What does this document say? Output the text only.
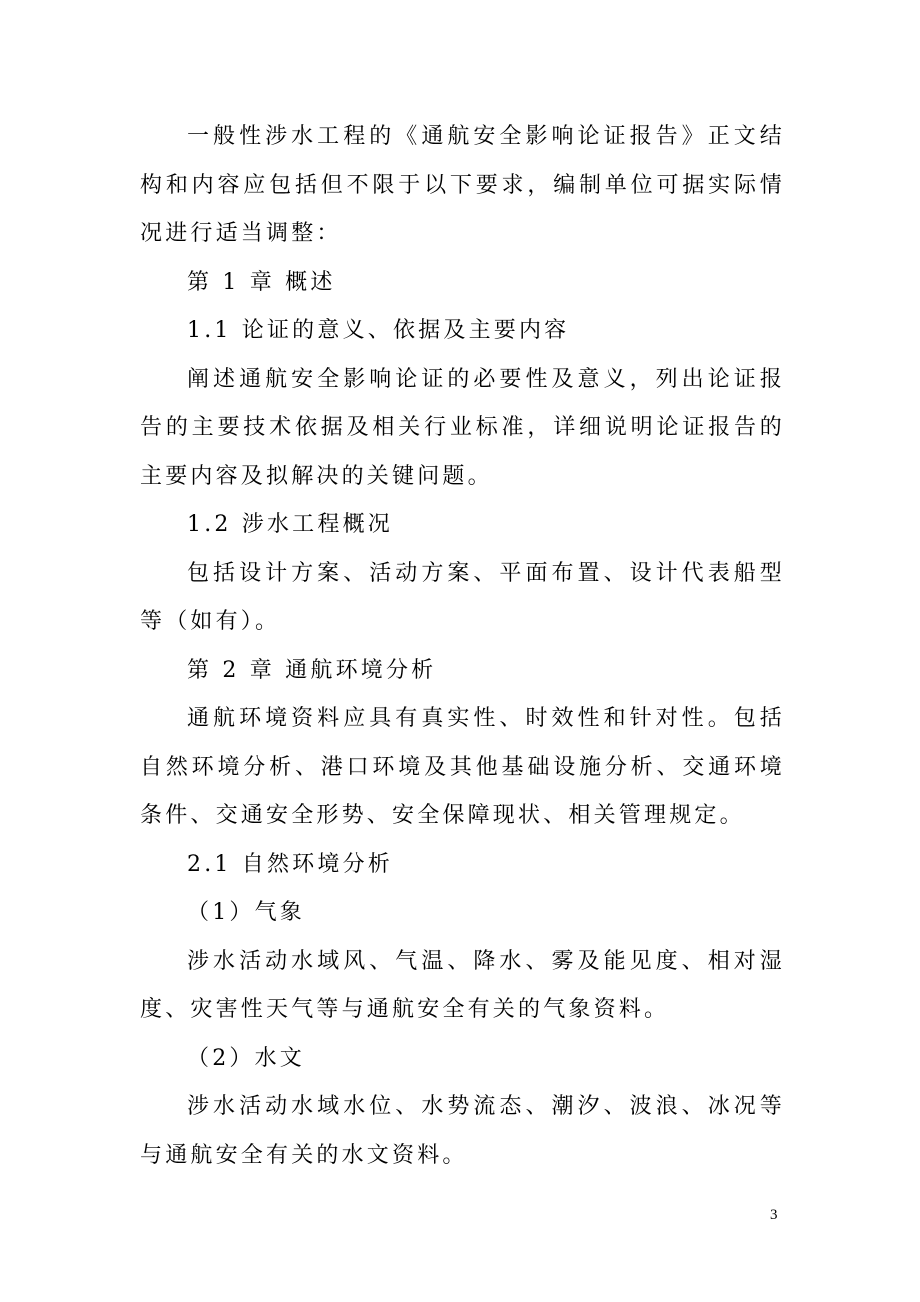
一般性涉水工程的《通航安全影响论证报告》正文结构和内容应包括但不限于以下要求，编制单位可据实际情况进行适当调整：

第 1 章 概述

1.1 论证的意义、依据及主要内容

阐述通航安全影响论证的必要性及意义，列出论证报告的主要技术依据及相关行业标准，详细说明论证报告的主要内容及拟解决的关键问题。

1.2 涉水工程概况

包括设计方案、活动方案、平面布置、设计代表船型等（如有）。

第 2 章 通航环境分析

通航环境资料应具有真实性、时效性和针对性。包括自然环境分析、港口环境及其他基础设施分析、交通环境条件、交通安全形势、安全保障现状、相关管理规定。

2.1 自然环境分析

（1）气象

涉水活动水域风、气温、降水、雾及能见度、相对湿度、灾害性天气等与通航安全有关的气象资料。

（2）水文

涉水活动水域水位、水势流态、潮汐、波浪、冰况等与通航安全有关的水文资料。

3
